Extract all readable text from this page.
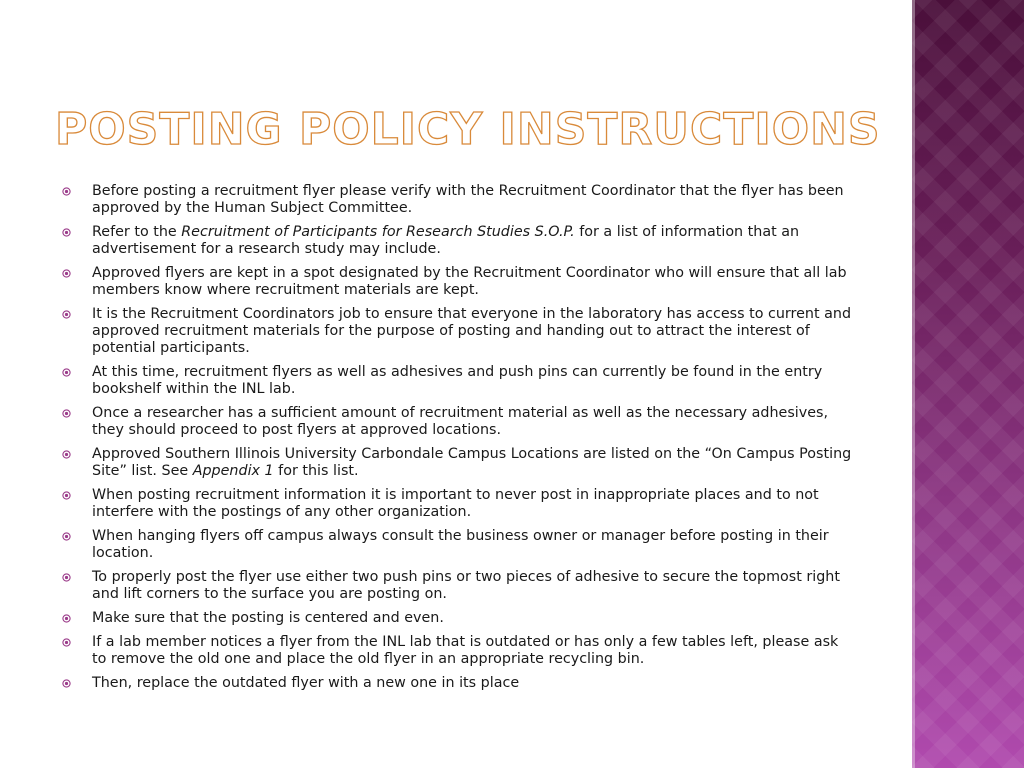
POSTING POLICY INSTRUCTIONS
Before posting a recruitment flyer please verify with the Recruitment Coordinator that the flyer has been approved by the Human Subject Committee.
Refer to the Recruitment of Participants for Research Studies S.O.P. for a list of information that an advertisement for a research study may include.
Approved flyers are kept in a spot designated by the Recruitment Coordinator who will ensure that all lab members know where recruitment materials are kept.
It is the Recruitment Coordinators job to ensure that everyone in the laboratory has access to current and approved recruitment materials for the purpose of posting and handing out to attract the interest of potential participants.
At this time, recruitment flyers as well as adhesives and push pins can currently be found in the entry bookshelf within the INL lab.
Once a researcher has a sufficient amount of recruitment material as well as the necessary adhesives, they should proceed to post flyers at approved locations.
Approved Southern Illinois University Carbondale Campus Locations are listed on the “On Campus Posting Site” list. See Appendix 1 for this list.
When posting recruitment information it is important to never post in inappropriate places and to not interfere with the postings of any other organization.
When hanging flyers off campus always consult the business owner or manager before posting in their location.
To properly post the flyer use either two push pins or two pieces of adhesive to secure the topmost right and lift corners to the surface you are posting on.
Make sure that the posting is centered and even.
If a lab member notices a flyer from the INL lab that is outdated or has only a few tables left, please ask to remove the old one and place the old flyer in an appropriate recycling bin.
Then, replace the outdated flyer with a new one in its place
